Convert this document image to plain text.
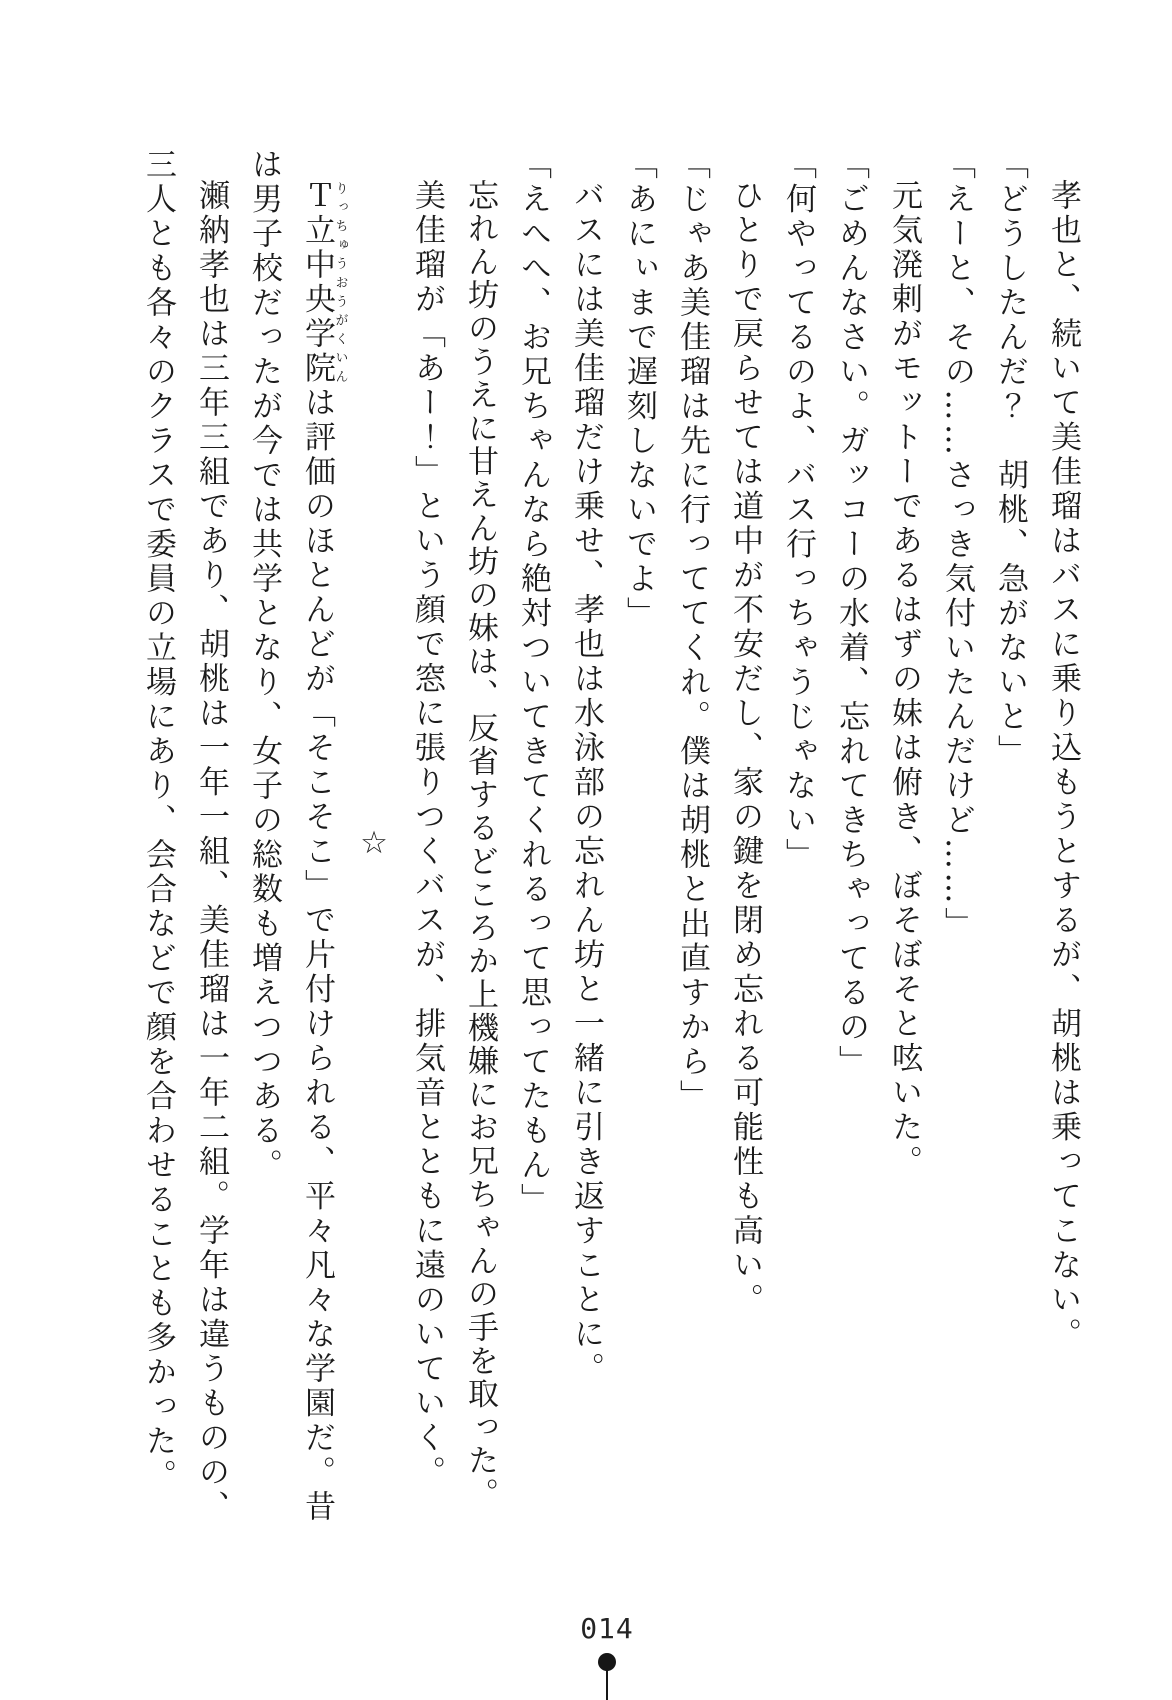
孝也と、続いて美佳瑠はバスに乗り込もうとするが、胡桃は乗ってこない。

「どうしたんだ？　胡桃、急がないと」

「えーと、その……さっき気付いたんだけど……」

元気溌剌がモットーであるはずの妹は俯き、ぼそぼそと呟いた。

「ごめんなさい。ガッコーの水着、忘れてきちゃってるの」

「何やってるのよ、バス行っちゃうじゃない」

ひとりで戻らせては道中が不安だし、家の鍵を閉め忘れる可能性も高い。

「じゃあ美佳瑠は先に行っててくれ。僕は胡桃と出直すから」

「あにぃまで遅刻しないでよ」

バスには美佳瑠だけ乗せ、孝也は水泳部の忘れん坊と一緒に引き返すことに。

「えへへ、お兄ちゃんなら絶対ついてきてくれるって思ってたもん」

忘れん坊のうえに甘えん坊の妹は、反省するどころか上機嫌にお兄ちゃんの手を取った。

美佳瑠が「あー！」という顔で窓に張りつくバスが、排気音とともに遠のいていく。

☆

Ｔ立中央学院りっちゅうおうがくいんは評価のほとんどが「そこそこ」で片付けられる、平々凡々な学園だ。昔は男子校だったが今では共学となり、女子の総数も増えつつある。

瀬納孝也は三年三組であり、胡桃は一年一組、美佳瑠は一年二組。学年は違うものの、三人とも各々のクラスで委員の立場にあり、会合などで顔を合わせることも多かった。

014
